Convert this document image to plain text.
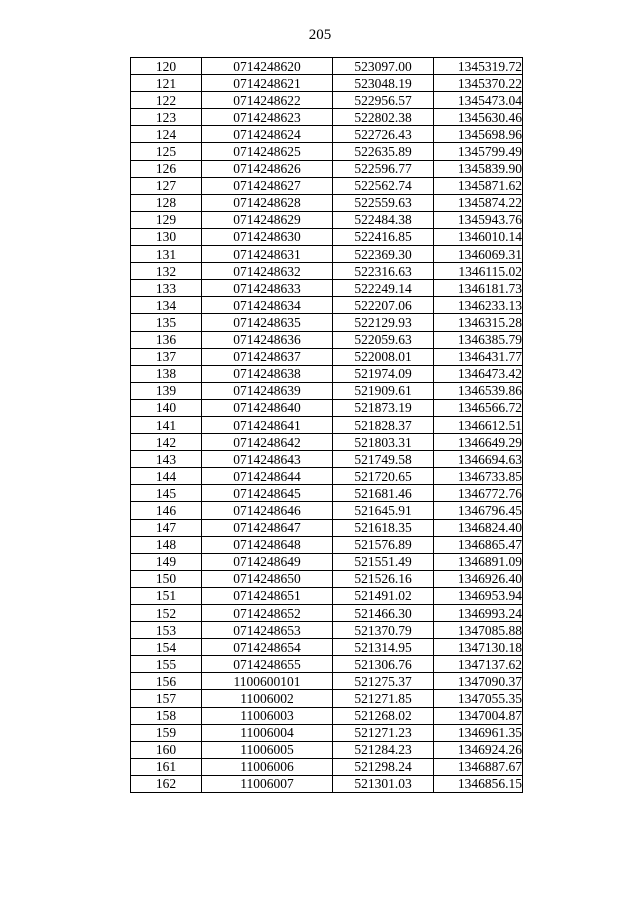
205
120	0714248620	523097.00	1345319.72
121	0714248621	523048.19	1345370.22
122	0714248622	522956.57	1345473.04
123	0714248623	522802.38	1345630.46
124	0714248624	522726.43	1345698.96
125	0714248625	522635.89	1345799.49
126	0714248626	522596.77	1345839.90
127	0714248627	522562.74	1345871.62
128	0714248628	522559.63	1345874.22
129	0714248629	522484.38	1345943.76
130	0714248630	522416.85	1346010.14
131	0714248631	522369.30	1346069.31
132	0714248632	522316.63	1346115.02
133	0714248633	522249.14	1346181.73
134	0714248634	522207.06	1346233.13
135	0714248635	522129.93	1346315.28
136	0714248636	522059.63	1346385.79
137	0714248637	522008.01	1346431.77
138	0714248638	521974.09	1346473.42
139	0714248639	521909.61	1346539.86
140	0714248640	521873.19	1346566.72
141	0714248641	521828.37	1346612.51
142	0714248642	521803.31	1346649.29
143	0714248643	521749.58	1346694.63
144	0714248644	521720.65	1346733.85
145	0714248645	521681.46	1346772.76
146	0714248646	521645.91	1346796.45
147	0714248647	521618.35	1346824.40
148	0714248648	521576.89	1346865.47
149	0714248649	521551.49	1346891.09
150	0714248650	521526.16	1346926.40
151	0714248651	521491.02	1346953.94
152	0714248652	521466.30	1346993.24
153	0714248653	521370.79	1347085.88
154	0714248654	521314.95	1347130.18
155	0714248655	521306.76	1347137.62
156	1100600101	521275.37	1347090.37
157	11006002	521271.85	1347055.35
158	11006003	521268.02	1347004.87
159	11006004	521271.23	1346961.35
160	11006005	521284.23	1346924.26
161	11006006	521298.24	1346887.67
162	11006007	521301.03	1346856.15
